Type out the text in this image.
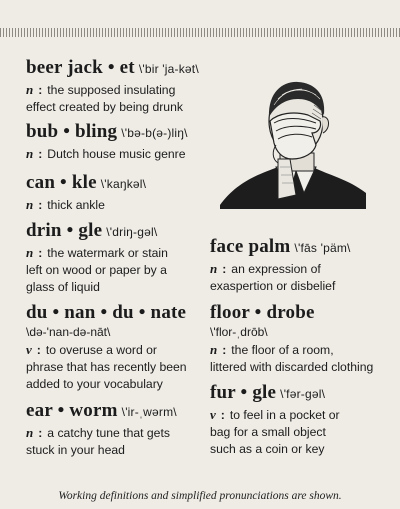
beer jack • et \'bir 'ja-kət\
n : the supposed insulating
effect created by being drunk
bub • bling \'bə-b(ə-)liŋ\
n : Dutch house music genre
can • kle \'kaŋkəl\
n : thick ankle
drin • gle \'driŋ-gəl\
n : the watermark or stain
left on wood or paper by a
glass of liquid
du • nan • du • nate
\də-'nan-də-nāt\
v : to overuse a word or
phrase that has recently been
added to your vocabulary
ear • worm \'ir-ˌwərm\
n : a catchy tune that gets
stuck in your head
face palm \'fās 'päm\
n : an expression of
exaspertion or disbelief
floor • drobe
\'flor-ˌdrōb\
n : the floor of a room,
littered with discarded clothing
fur • gle \'fər-gəl\
v : to feel in a pocket or
bag for a small object
such as a coin or key
Working definitions and simplified pronunciations are shown.
